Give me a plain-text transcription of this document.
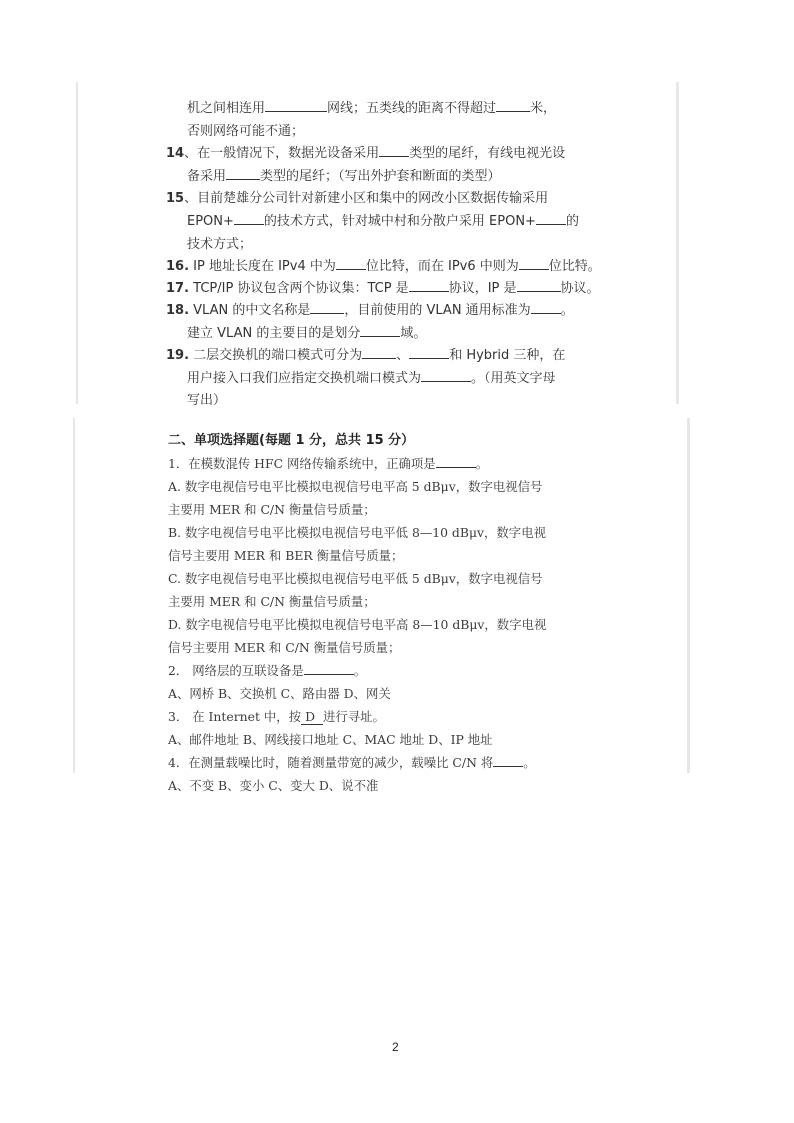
机之间相连用	网线；五类线的距离不得超过	米，
否则网络可能不通；
14、在一般情况下，数据光设备采用 类型的尾纤，有线电视光设
备采用	类型的尾纤；（写出外护套和断面的类型）
15、目前楚雄分公司针对新建小区和集中的网改小区数据传输采用
EPON+ 的技术方式，针对城中村和分散户采用 EPON+ 的
技术方式；
16. IP 地址长度在 IPv4 中为 位比特，而在 IPv6 中则为 位比特。
17. TCP/IP 协议包含两个协议集：TCP 是	协议，IP 是	协议。
18. VLAN 的中文名称是	，目前使用的 VLAN 通用标准为 。
建立 VLAN 的主要目的是划分	域。
19. 二层交换机的端口模式可分为	、	和 Hybrid 三种，在
用户接入口我们应指定交换机端口模式为	。（用英文字母
写出）
二、单项选择题(每题 1 分，总共 15 分）
1．在模数混传 HFC 网络传输系统中，正确项是	。
A. 数字电视信号电平比模拟电视信号电平高 5 dBμv，数字电视信号
主要用 MER 和 C/N 衡量信号质量；
B. 数字电视信号电平比模拟电视信号电平低 8—10 dBμv，数字电视
信号主要用 MER 和 BER 衡量信号质量；
C. 数字电视信号电平比模拟电视信号电平低 5 dBμv，数字电视信号
主要用 MER 和 C/N 衡量信号质量；
D. 数字电视信号电平比模拟电视信号电平高 8—10 dBμv，数字电视
信号主要用 MER 和 C/N 衡量信号质量；
2． 网络层的互联设备是	。
A、网桥 B、交换机 C、路由器 D、网关
3． 在 Internet 中，按 D 进行寻址。
A、邮件地址 B、网线接口地址 C、MAC 地址 D、IP 地址
4．在测量载噪比时，随着测量带宽的减少，载噪比 C/N 将 。
A、不变 B、变小 C、变大 D、说不准
2
